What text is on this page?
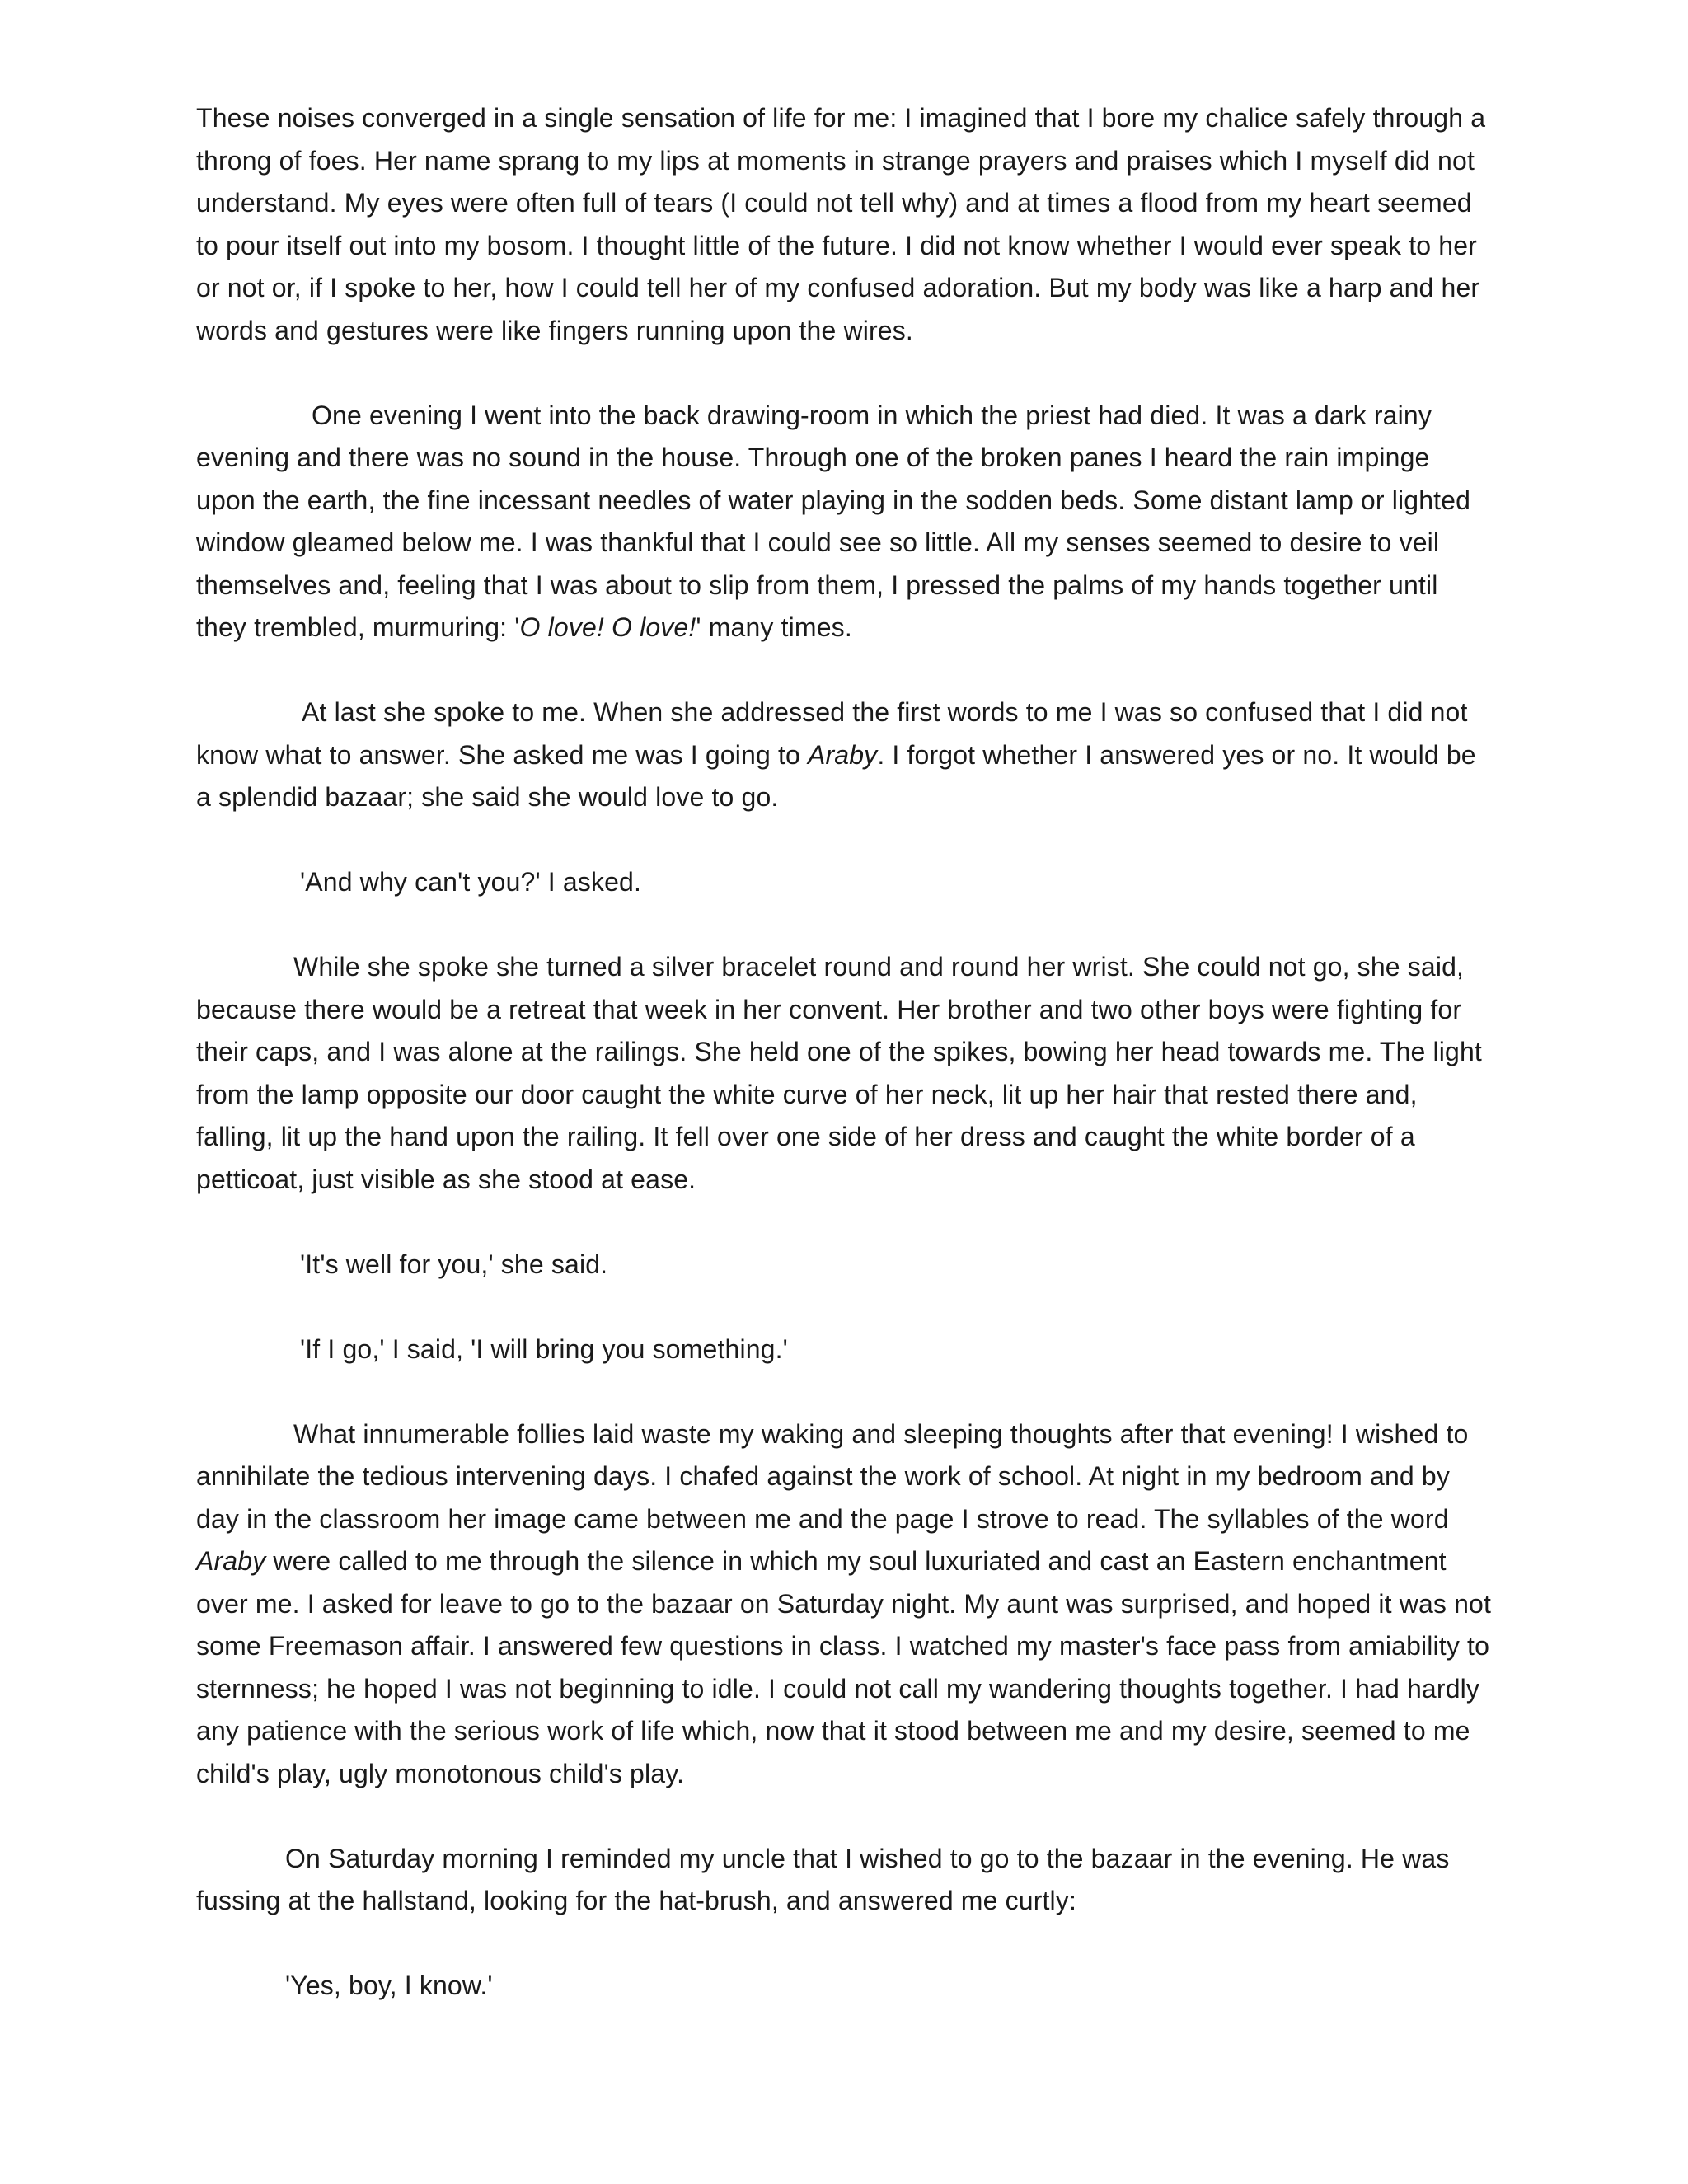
These noises converged in a single sensation of life for me: I imagined that I bore my chalice safely through a throng of foes. Her name sprang to my lips at moments in strange prayers and praises which I myself did not understand. My eyes were often full of tears (I could not tell why) and at times a flood from my heart seemed to pour itself out into my bosom. I thought little of the future. I did not know whether I would ever speak to her or not or, if I spoke to her, how I could tell her of my confused adoration. But my body was like a harp and her words and gestures were like fingers running upon the wires.

One evening I went into the back drawing-room in which the priest had died. It was a dark rainy evening and there was no sound in the house. Through one of the broken panes I heard the rain impinge upon the earth, the fine incessant needles of water playing in the sodden beds. Some distant lamp or lighted window gleamed below me. I was thankful that I could see so little. All my senses seemed to desire to veil themselves and, feeling that I was about to slip from them, I pressed the palms of my hands together until they trembled, murmuring: 'O love! O love!' many times.

At last she spoke to me. When she addressed the first words to me I was so confused that I did not know what to answer. She asked me was I going to Araby. I forgot whether I answered yes or no. It would be a splendid bazaar; she said she would love to go.

'And why can't you?' I asked.

While she spoke she turned a silver bracelet round and round her wrist. She could not go, she said, because there would be a retreat that week in her convent. Her brother and two other boys were fighting for their caps, and I was alone at the railings. She held one of the spikes, bowing her head towards me. The light from the lamp opposite our door caught the white curve of her neck, lit up her hair that rested there and, falling, lit up the hand upon the railing. It fell over one side of her dress and caught the white border of a petticoat, just visible as she stood at ease.

'It's well for you,' she said.

'If I go,' I said, 'I will bring you something.'

What innumerable follies laid waste my waking and sleeping thoughts after that evening! I wished to annihilate the tedious intervening days. I chafed against the work of school. At night in my bedroom and by day in the classroom her image came between me and the page I strove to read. The syllables of the word Araby were called to me through the silence in which my soul luxuriated and cast an Eastern enchantment over me. I asked for leave to go to the bazaar on Saturday night. My aunt was surprised, and hoped it was not some Freemason affair. I answered few questions in class. I watched my master's face pass from amiability to sternness; he hoped I was not beginning to idle. I could not call my wandering thoughts together. I had hardly any patience with the serious work of life which, now that it stood between me and my desire, seemed to me child's play, ugly monotonous child's play.

On Saturday morning I reminded my uncle that I wished to go to the bazaar in the evening. He was fussing at the hallstand, looking for the hat-brush, and answered me curtly:

'Yes, boy, I know.'
